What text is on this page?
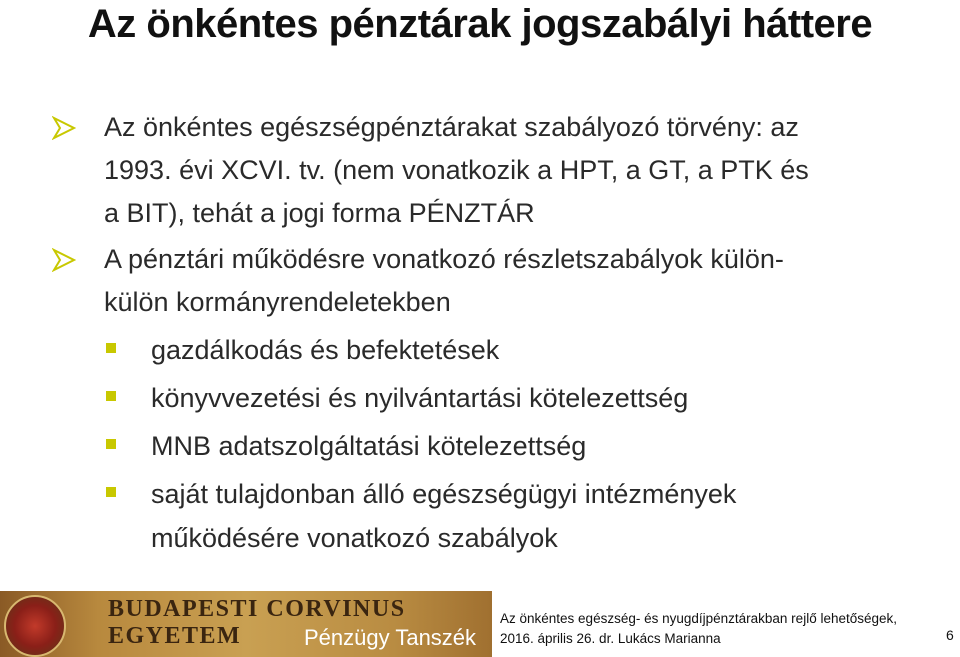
Az önkéntes pénztárak jogszabályi háttere
Az önkéntes egészségpénztárakat szabályozó törvény: az
1993. évi XCVI. tv. (nem vonatkozik a HPT, a GT, a PTK és
a BIT), tehát a jogi forma PÉNZTÁR
A pénztári működésre vonatkozó részletszabályok külön-
külön kormányrendeletekben
gazdálkodás és befektetések
könyvvezetési és nyilvántartási kötelezettség
MNB adatszolgáltatási kötelezettség
saját tulajdonban álló egészségügyi intézmények
működésére vonatkozó szabályok
BUDAPESTI CORVINUS EGYETEM	Pénzügy Tanszék
Az önkéntes egészség- és nyugdíjpénztárakban rejlő lehetőségek,
2016. április 26. dr. Lukács Marianna	6
